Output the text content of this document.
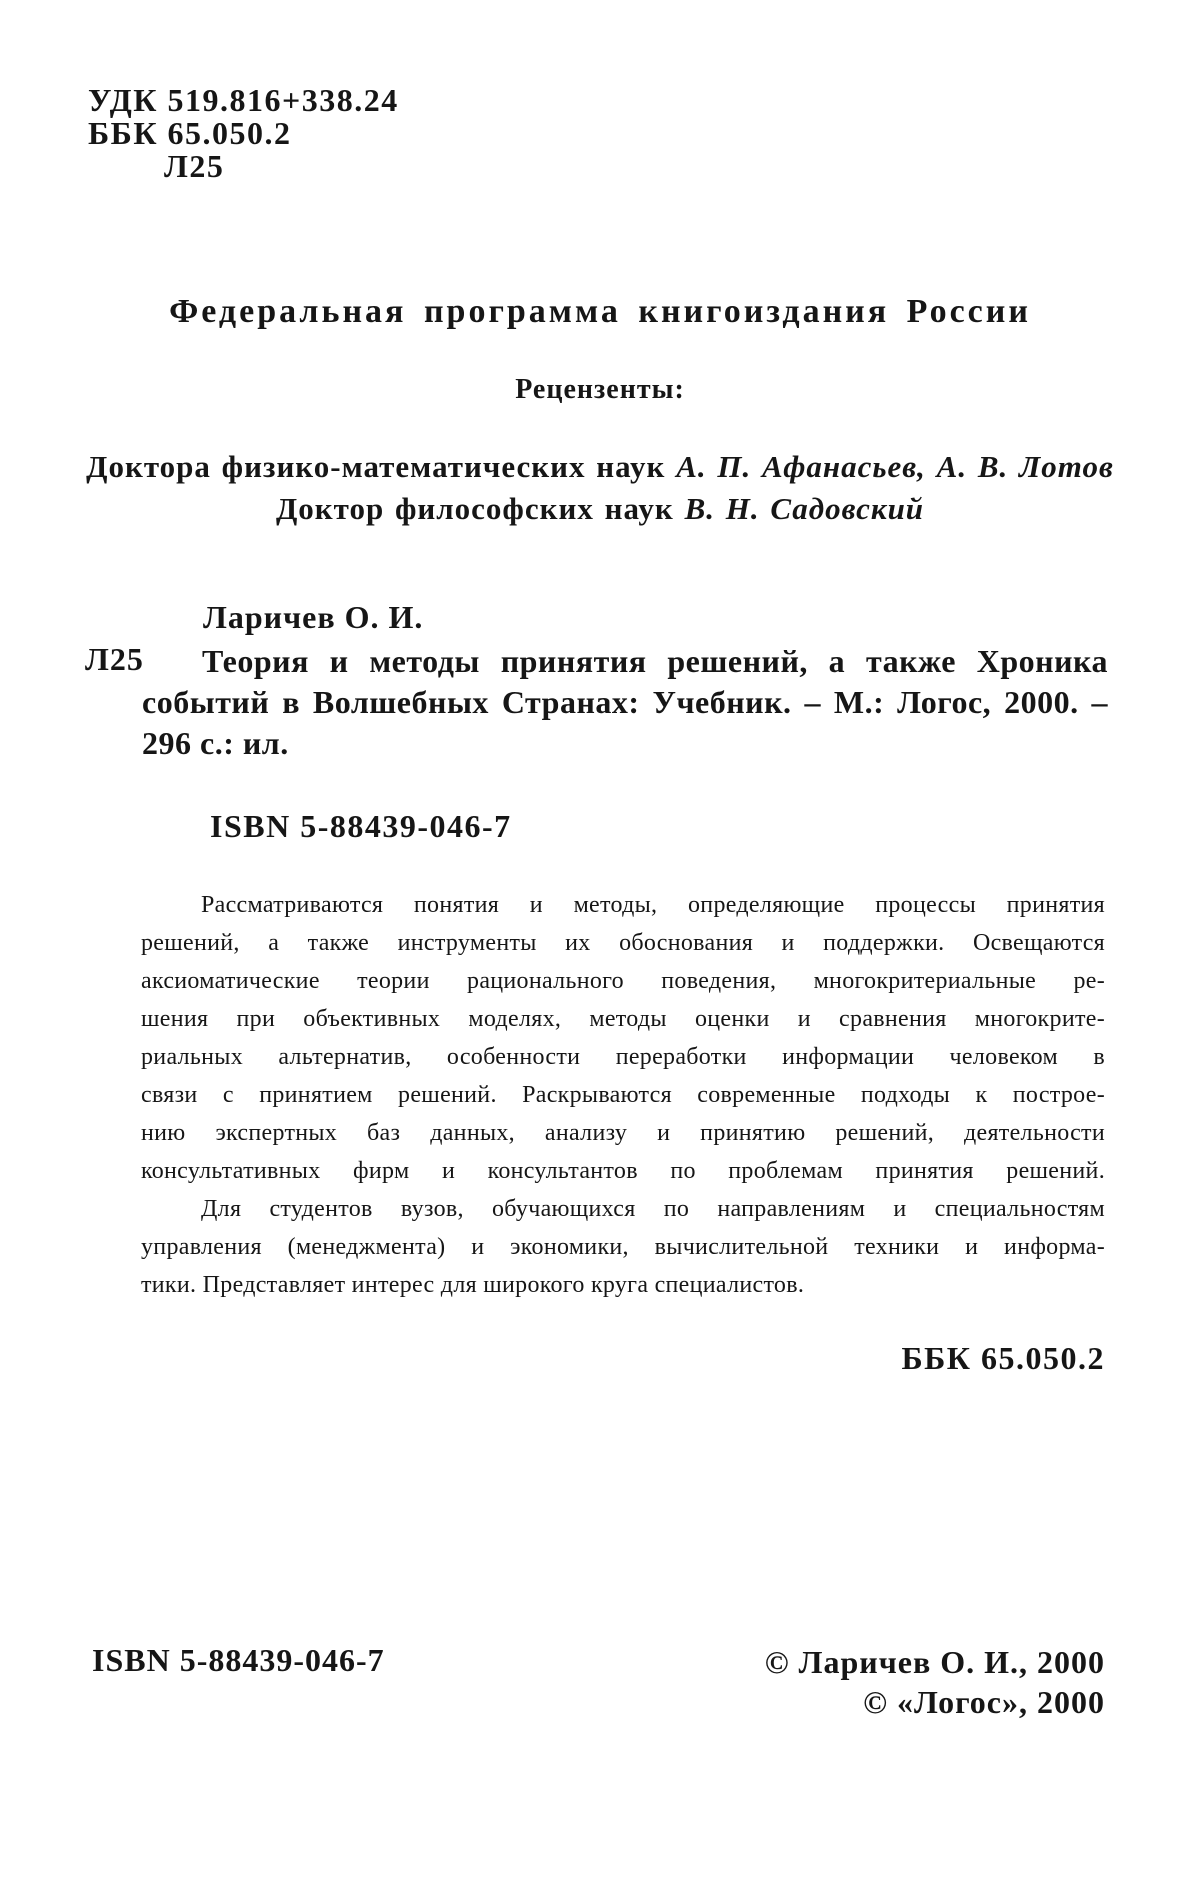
УДК 519.816+338.24
ББК 65.050.2
Л25
Федеральная программа книгоиздания России
Рецензенты:
Доктора физико-математических наук А. П. Афанасьев, А. В. Лотов
Доктор философских наук В. Н. Садовский
Ларичев О. И.
Л25	Теория и методы принятия решений, а также Хроника
событий в Волшебных Странах: Учебник. – М.: Логос, 2000. –
296 с.: ил.
ISBN 5-88439-046-7
Рассматриваются понятия и методы, определяющие процессы принятия
решений, а также инструменты их обоснования и поддержки. Освещаются
аксиоматические теории рационального поведения, многокритериальные ре-
шения при объективных моделях, методы оценки и сравнения многокрите-
риальных альтернатив, особенности переработки информации человеком в
связи с принятием решений. Раскрываются современные подходы к построе-
нию экспертных баз данных, анализу и принятию решений, деятельности
консультативных фирм и консультантов по проблемам принятия решений.
Для студентов вузов, обучающихся по направлениям и специальностям
управления (менеджмента) и экономики, вычислительной техники и информа-
тики. Представляет интерес для широкого круга специалистов.
ББК 65.050.2
ISBN 5-88439-046-7	© Ларичев О. И., 2000
© «Логос», 2000
